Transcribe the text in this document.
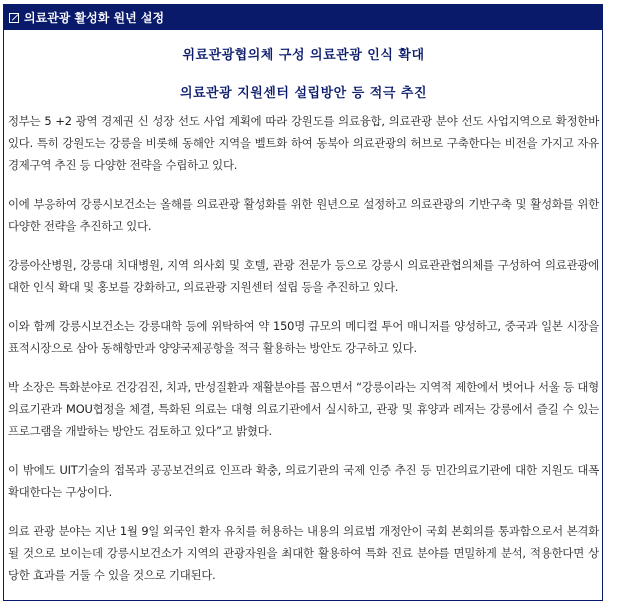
의료관광 활성화 원년 설정
위료관광협의체 구성 의료관광 인식 확대
의료관광 지원센터 설립방안 등 적극 추진

정부는 5 +2 광역 경제권 신 성장 선도 사업 계획에 따라 강원도를 의료융합, 의료관광 분야 선도 사업지역으로 확정한바 있다. 특히 강원도는 강릉을 비롯해 동해안 지역을 벨트화 하여 동북아 의료관광의 허브로 구축한다는 비전을 가지고 자유경제구역 추진 등 다양한 전략을 수립하고 있다.

이에 부응하여 강릉시보건소는 올해를 의료관광 활성화를 위한 원년으로 설정하고 의료관광의 기반구축 및 활성화를 위한 다양한 전략을 추진하고 있다.

강릉아산병원, 강릉대 치대병원, 지역 의사회 및 호텔, 관광 전문가 등으로 강릉시 의료관관협의체를 구성하여 의료관광에 대한 인식 확대 및 홍보를 강화하고, 의료관광 지원센터 설립 등을 추진하고 있다.

이와 함께 강릉시보건소는 강릉대학 등에 위탁하여 약 150명 규모의 메디컬 투어 매니저를 양성하고, 중국과 일본 시장을 표적시장으로 삼아 동해항만과 양양국제공항을 적극 활용하는 방안도 강구하고 있다.

박 소장은 특화분야로 건강검진, 치과, 만성질환과 재활분야를 꼽으면서 “강릉이라는 지역적 제한에서 벗어나 서울 등 대형의료기관과 MOU협정을 체결, 특화된 의료는 대형 의료기관에서 실시하고, 관광 및 휴양과 레저는 강릉에서 즐길 수 있는 프로그램을 개발하는 방안도 검토하고 있다”고 밝혔다.

이 밖에도 UIT기술의 접목과 공공보건의료 인프라 확충, 의료기관의 국제 인증 추진 등 민간의료기관에 대한 지원도 대폭 확대한다는 구상이다.

의료 관광 분야는 지난 1월 9일 외국인 환자 유치를 허용하는 내용의 의료법 개정안이 국회 본회의를 통과함으로서 본격화 될 것으로 보이는데 강릉시보건소가 지역의 관광자원을 최대한 활용하여 특화 진료 분야를 면밀하게 분석, 적용한다면 상당한 효과를 거둘 수 있을 것으로 기대된다.
